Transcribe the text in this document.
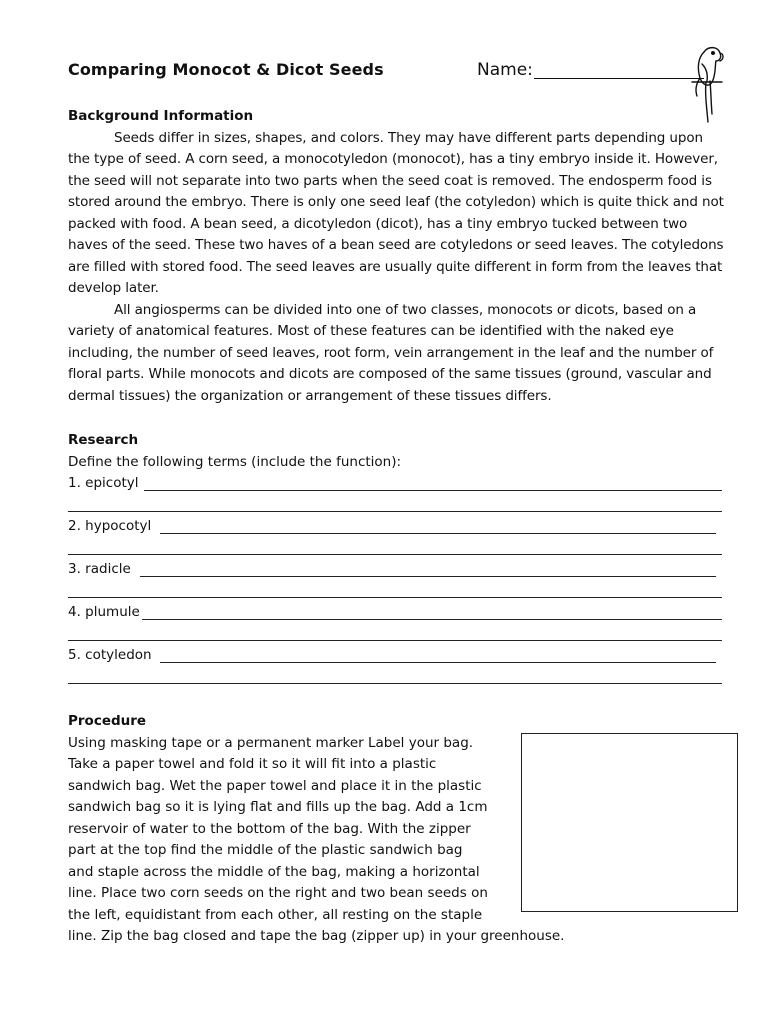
Comparing Monocot & Dicot Seeds	Name:
Background Information

Seeds differ in sizes, shapes, and colors. They may have different parts depending upon the type of seed. A corn seed, a monocotyledon (monocot), has a tiny embryo inside it. However, the seed will not separate into two parts when the seed coat is removed. The endosperm food is stored around the embryo. There is only one seed leaf (the cotyledon) which is quite thick and not packed with food. A bean seed, a dicotyledon (dicot), has a tiny embryo tucked between two haves of the seed. These two haves of a bean seed are cotyledons or seed leaves. The cotyledons are filled with stored food. The seed leaves are usually quite different in form from the leaves that develop later.

All angiosperms can be divided into one of two classes, monocots or dicots, based on a variety of anatomical features. Most of these features can be identified with the naked eye including, the number of seed leaves, root form, vein arrangement in the leaf and the number of floral parts. While monocots and dicots are composed of the same tissues (ground, vascular and dermal tissues) the organization or arrangement of these tissues differs.

Research
Define the following terms (include the function):
1. epicotyl
2. hypocotyl
3. radicle
4. plumule
5. cotyledon
Procedure
Using masking tape or a permanent marker Label your bag.
Take a paper towel and fold it so it will fit into a plastic
sandwich bag. Wet the paper towel and place it in the plastic
sandwich bag so it is lying flat and fills up the bag. Add a 1cm
reservoir of water to the bottom of the bag. With the zipper
part at the top find the middle of the plastic sandwich bag
and staple across the middle of the bag, making a horizontal
line. Place two corn seeds on the right and two bean seeds on
the left, equidistant from each other, all resting on the staple
line. Zip the bag closed and tape the bag (zipper up) in your greenhouse.
